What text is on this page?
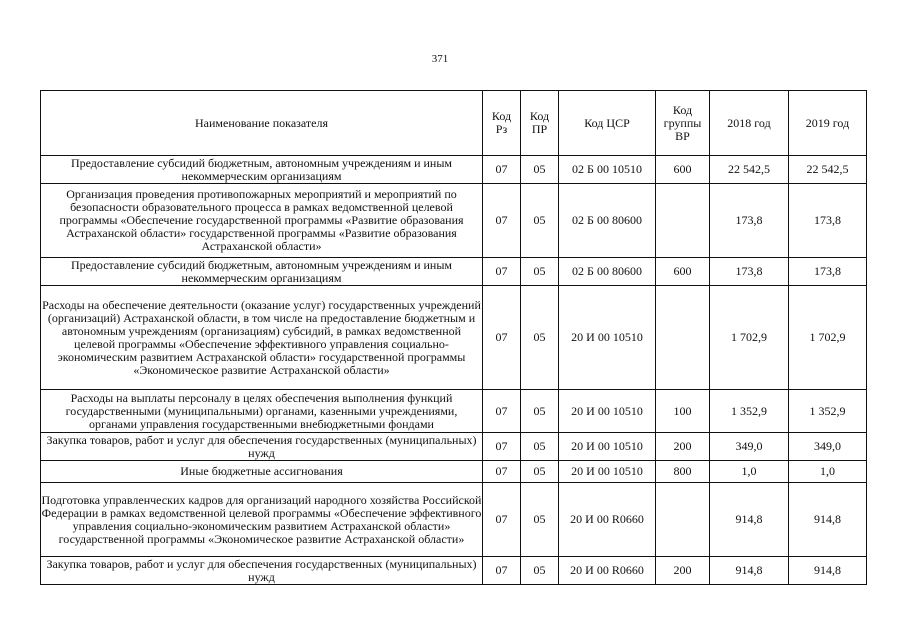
371
Наименование показателя	Код Рз	Код ПР	Код ЦСР	Код группы ВР	2018 год	2019 год
Предоставление субсидий бюджетным, автономным учреждениям и иным некоммерческим организациям	07	05	02 Б 00 10510	600	22 542,5	22 542,5
Организация проведения противопожарных мероприятий и мероприятий по безопасности образовательного процесса в рамках ведомственной целевой программы «Обеспечение государственной программы «Развитие образования Астраханской области» государственной программы «Развитие образования Астраханской области»	07	05	02 Б 00 80600		173,8	173,8
Предоставление субсидий бюджетным, автономным учреждениям и иным некоммерческим организациям	07	05	02 Б 00 80600	600	173,8	173,8
Расходы на обеспечение деятельности (оказание услуг) государственных учреждений (организаций) Астраханской области, в том числе на предоставление бюджетным и автономным учреждениям (организациям) субсидий, в рамках ведомственной целевой программы «Обеспечение эффективного управления социально-экономическим развитием Астраханской области» государственной программы «Экономическое развитие Астраханской области»	07	05	20 И 00 10510		1 702,9	1 702,9
Расходы на выплаты персоналу в целях обеспечения выполнения функций государственными (муниципальными) органами, казенными учреждениями, органами управления государственными внебюджетными фондами	07	05	20 И 00 10510	100	1 352,9	1 352,9
Закупка товаров, работ и услуг для обеспечения государственных (муниципальных) нужд	07	05	20 И 00 10510	200	349,0	349,0
Иные бюджетные ассигнования	07	05	20 И 00 10510	800	1,0	1,0
Подготовка управленческих кадров для организаций народного хозяйства Российской Федерации в рамках ведомственной целевой программы «Обеспечение эффективного управления социально-экономическим развитием Астраханской области» государственной программы «Экономическое развитие Астраханской области»	07	05	20 И 00 R0660		914,8	914,8
Закупка товаров, работ и услуг для обеспечения государственных (муниципальных) нужд	07	05	20 И 00 R0660	200	914,8	914,8
